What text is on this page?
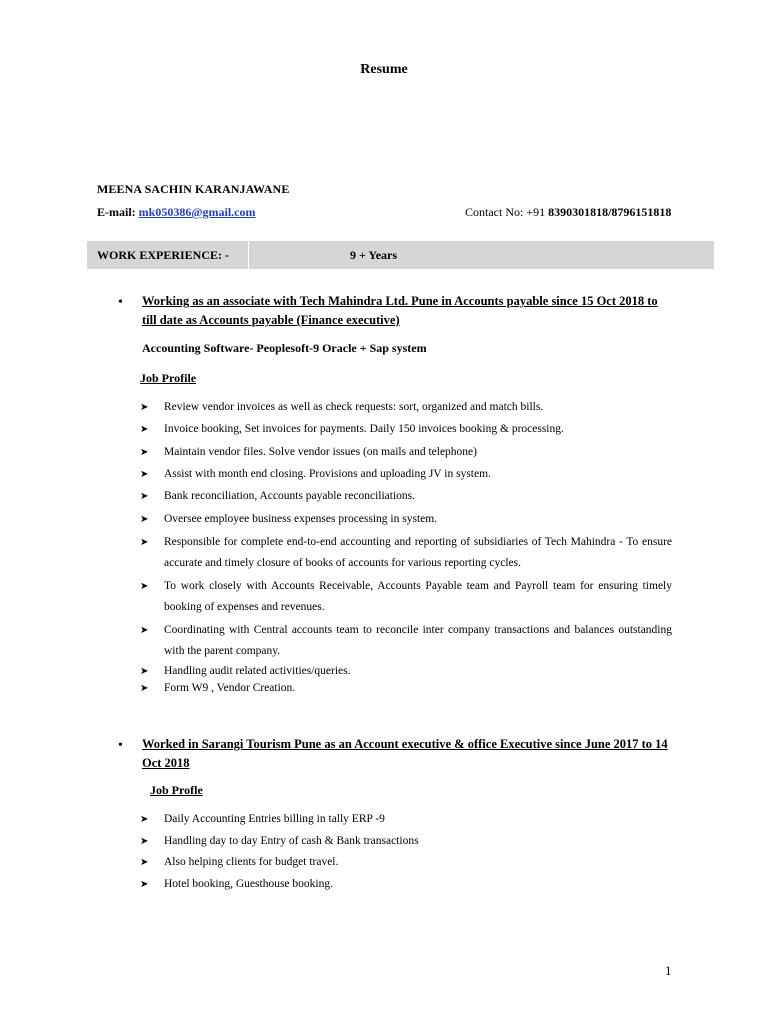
Resume
MEENA SACHIN KARANJAWANE
E-mail: mk050386@gmail.com	Contact No: +91 8390301818/8796151818
WORK EXPERIENCE: -	9 + Years
• Working as an associate with Tech Mahindra Ltd. Pune in Accounts payable since 15 Oct 2018 to till date as Accounts payable (Finance executive)
Accounting Software- Peoplesoft-9 Oracle + Sap system
Job Profile
➤ Review vendor invoices as well as check requests: sort, organized and match bills.
➤ Invoice booking, Set invoices for payments. Daily 150 invoices booking & processing.
➤ Maintain vendor files. Solve vendor issues (on mails and telephone)
➤ Assist with month end closing. Provisions and uploading JV in system.
➤ Bank reconciliation, Accounts payable reconciliations.
➤ Oversee employee business expenses processing in system.
➤ Responsible for complete end-to-end accounting and reporting of subsidiaries of Tech Mahindra - To ensure accurate and timely closure of books of accounts for various reporting cycles.
➤ To work closely with Accounts Receivable, Accounts Payable team and Payroll team for ensuring timely booking of expenses and revenues.
➤ Coordinating with Central accounts team to reconcile inter company transactions and balances outstanding with the parent company.
➤ Handling audit related activities/queries.
➤ Form W9 , Vendor Creation.
• Worked in Sarangi Tourism Pune as an Account executive & office Executive since June 2017 to 14 Oct 2018
Job Profle
➤ Daily Accounting Entries billing in tally ERP -9
➤ Handling day to day Entry of cash & Bank transactions
➤ Also helping clients for budget travel.
➤ Hotel booking, Guesthouse booking.
1
